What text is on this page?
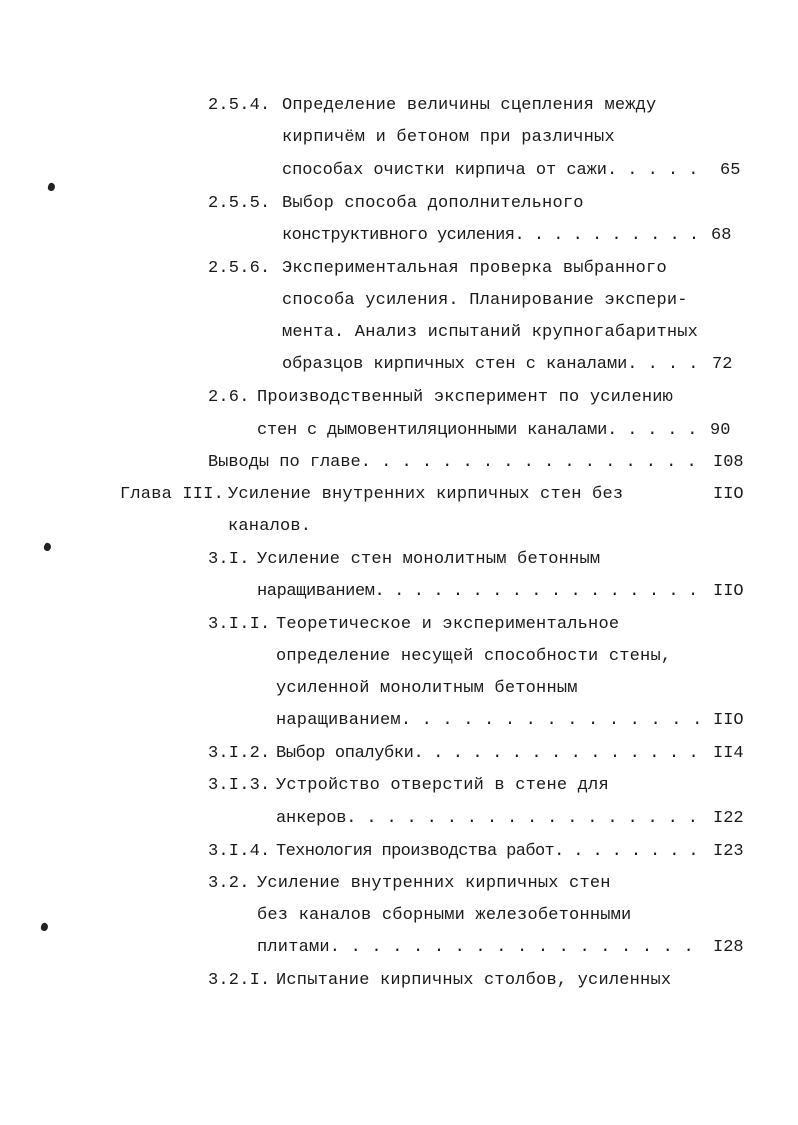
2.5.4. Определение величины сцепления между
кирпичём и бетоном при различных
способах очистки кирпича от сажи. . . . . 65
2.5.5. Выбор способа дополнительного
конструктивного усиления. . . . . . . . . . 68
2.5.6. Экспериментальная проверка выбранного
способа усиления. Планирование экспери-
мента. Анализ испытаний крупногабаритных
образцов кирпичных стен с каналами. . . . 72
2.6. Производственный эксперимент по усилению
стен с дымовентиляционными каналами. . . . . 90
Выводы по главе. . . . . . . . . . . . . . . . . I08
Глава III. Усиление внутренних кирпичных стен без
каналов.
IIO
3.I. Усиление стен монолитным бетонным
наращиванием. . . . . . . . . . . . . . . . . IIO
3.I.I. Теоретическое и экспериментальное
определение несущей способности стены,
усиленной монолитным бетонным
наращиванием. . . . . . . . . . . . . . . IIO
3.I.2. Выбор опалубки. . . . . . . . . . . . . . . II4
3.I.3. Устройство отверстий в стене для
анкеров. . . . . . . . . . . . . . . . . . I22
3.I.4. Технология производства работ. . . . . . . . I23
3.2. Усиление внутренних кирпичных стен
без каналов сборными железобетонными
плитами. . . . . . . . . . . . . . . . . . I28
3.2.I. Испытание кирпичных столбов, усиленных
